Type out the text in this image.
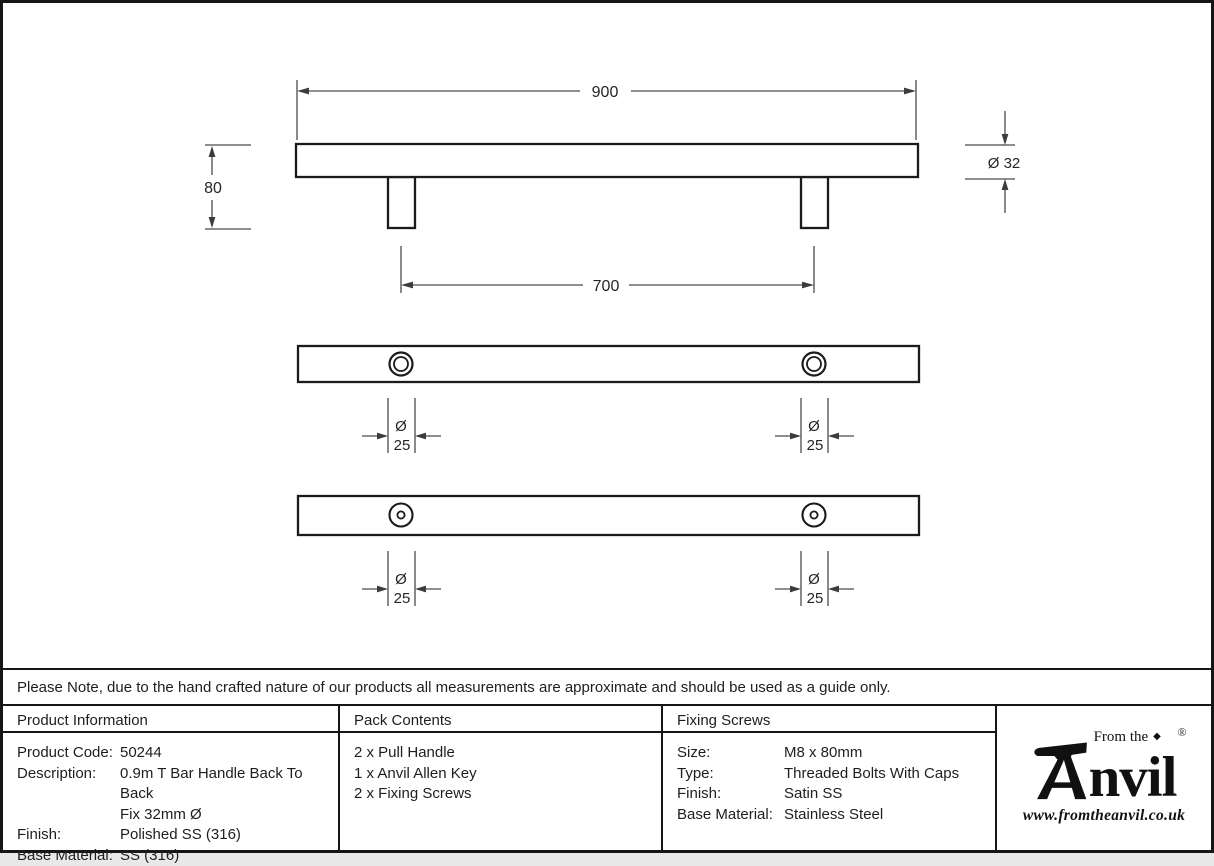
900
80
Ø 32
700
Ø
25
Ø
25
Ø
25
Ø
25
Please Note, due to the hand crafted nature of our products all measurements are approximate and should be used as a guide only.
Product Information	Pack Contents	Fixing Screws
nvil
From the ◆ ®
www.fromtheanvil.co.uk
Product Code: 50244
Description:	0.9m T Bar Handle Back To Back
Fix 32mm Ø
Finish:	Polished SS (316)
Base Material: SS (316)
2 x Pull Handle
1 x Anvil Allen Key
2 x Fixing Screws
Size:	M8 x 80mm
Type:	Threaded Bolts With Caps
Finish:	Satin SS
Base Material: Stainless Steel
